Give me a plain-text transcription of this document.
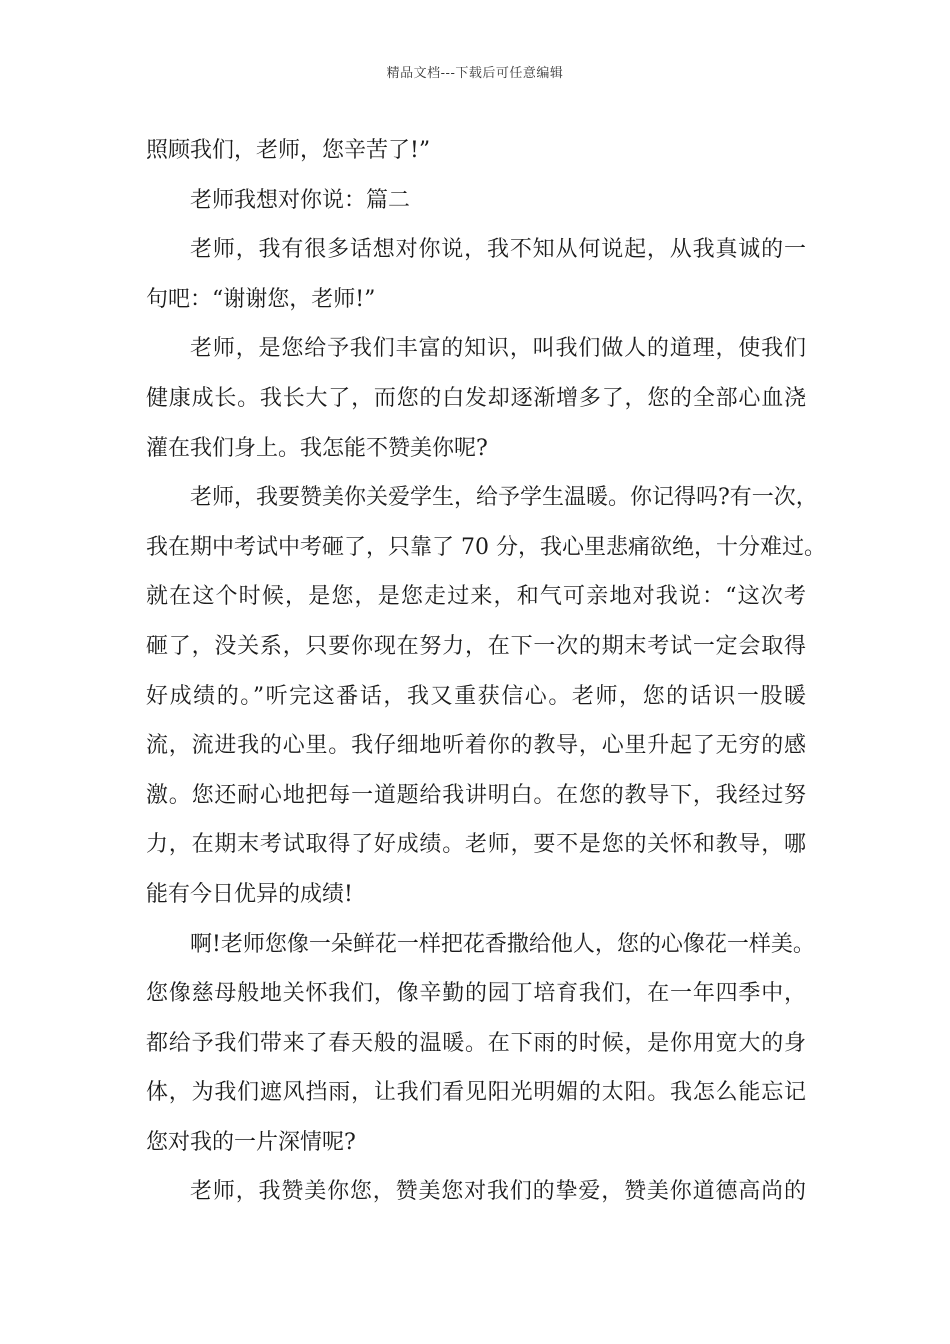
精品文档---下载后可任意编辑
照顾我们，老师，您辛苦了!”
老师我想对你说：篇二
老师，我有很多话想对你说，我不知从何说起，从我真诚的一
句吧：“谢谢您，老师!”
老师，是您给予我们丰富的知识，叫我们做人的道理，使我们
健康成长。我长大了，而您的白发却逐渐增多了，您的全部心血浇
灌在我们身上。我怎能不赞美你呢?
老师，我要赞美你关爱学生，给予学生温暖。你记得吗?有一次，
我在期中考试中考砸了，只靠了 70 分，我心里悲痛欲绝，十分难过。
就在这个时候，是您，是您走过来，和气可亲地对我说：“这次考
砸了，没关系，只要你现在努力，在下一次的期末考试一定会取得
好成绩的。”听完这番话，我又重获信心。老师，您的话识一股暖
流，流进我的心里。我仔细地听着你的教导，心里升起了无穷的感
激。您还耐心地把每一道题给我讲明白。在您的教导下，我经过努
力，在期末考试取得了好成绩。老师，要不是您的关怀和教导，哪
能有今日优异的成绩!
啊!老师您像一朵鲜花一样把花香撒给他人，您的心像花一样美。
您像慈母般地关怀我们，像辛勤的园丁培育我们，在一年四季中，
都给予我们带来了春天般的温暖。在下雨的时候，是你用宽大的身
体，为我们遮风挡雨，让我们看见阳光明媚的太阳。我怎么能忘记
您对我的一片深情呢?
老师，我赞美你您，赞美您对我们的挚爱，赞美你道德高尚的
